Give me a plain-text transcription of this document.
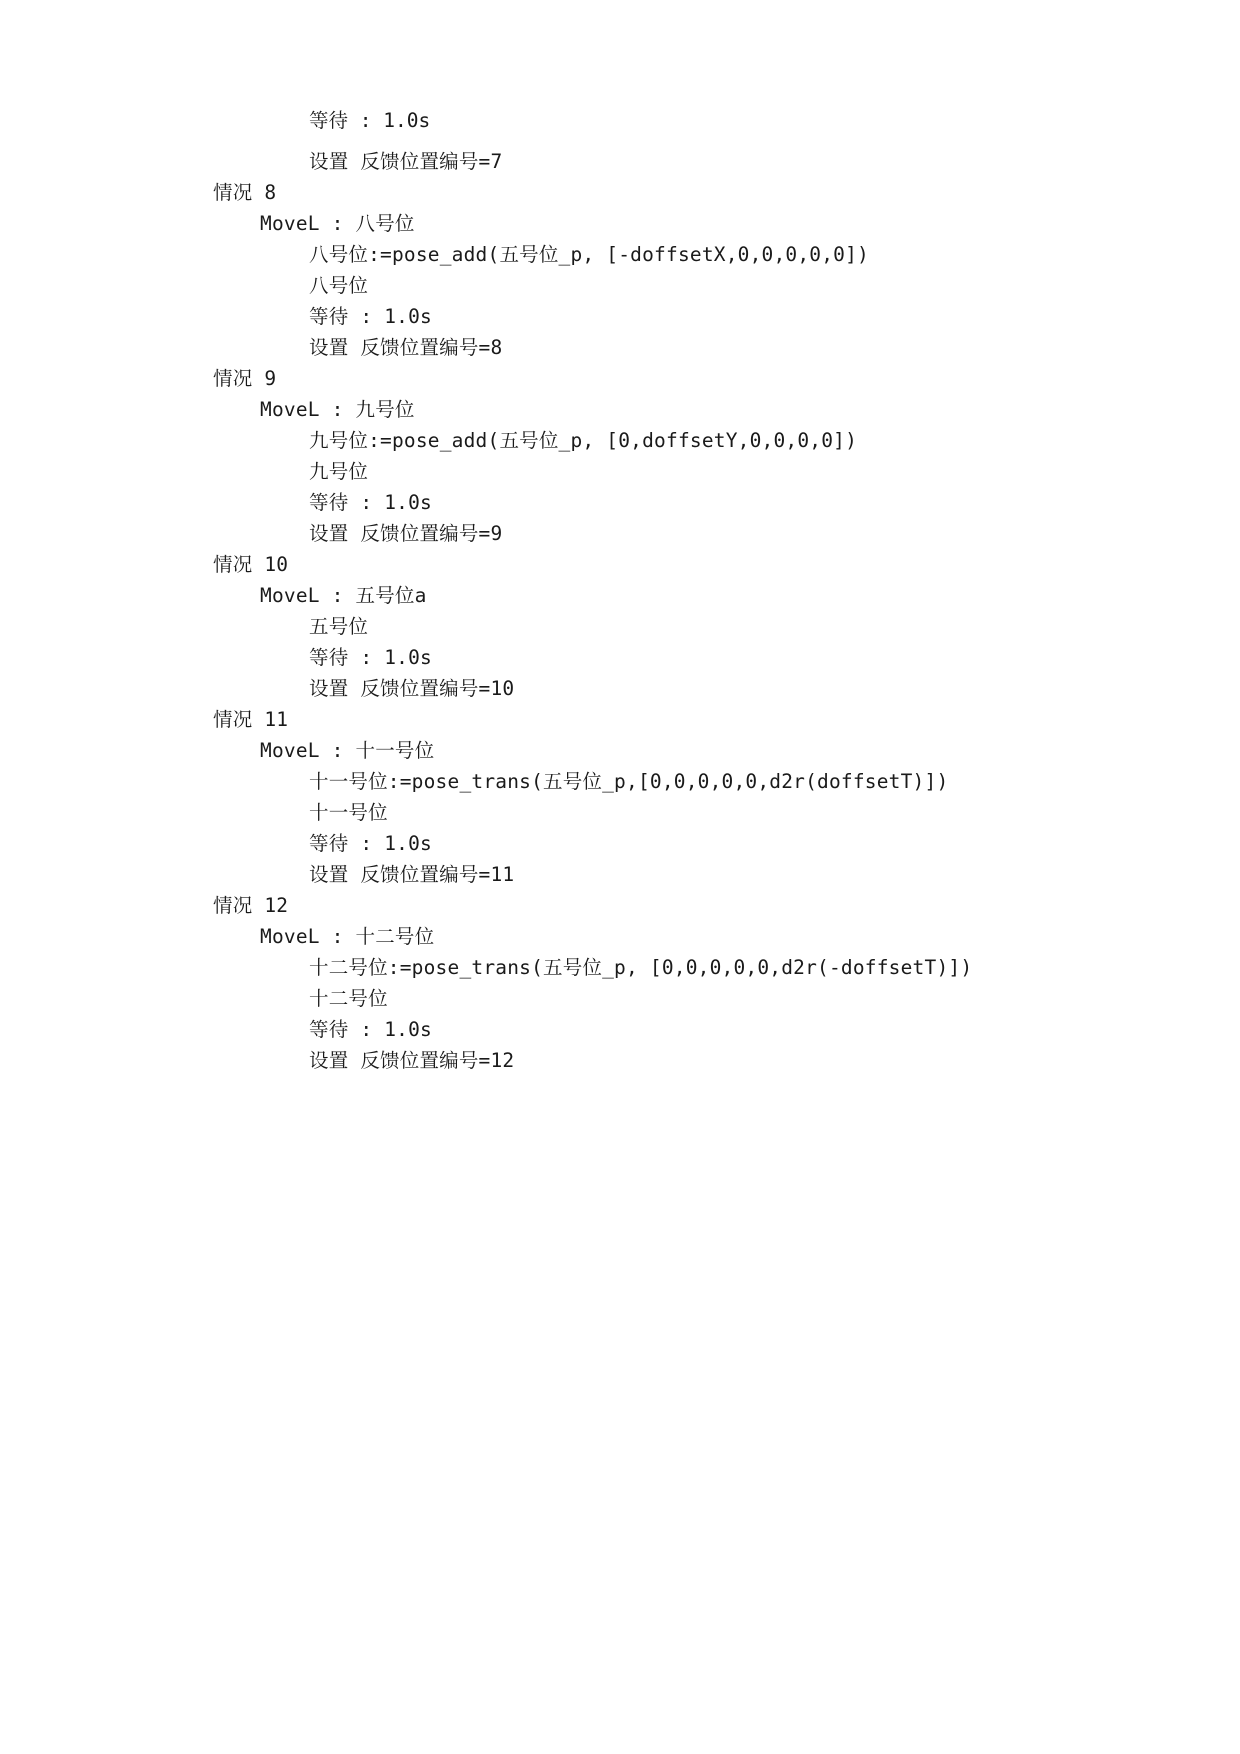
等待 : 1.0s
设置 反馈位置编号=7
情况 8
MoveL : 八号位
八号位:=pose_add(五号位_p, [-doffsetX,0,0,0,0,0])
八号位
等待 : 1.0s
设置 反馈位置编号=8
情况 9
MoveL : 九号位
九号位:=pose_add(五号位_p, [0,doffsetY,0,0,0,0])
九号位
等待 : 1.0s
设置 反馈位置编号=9
情况 10
MoveL : 五号位a
五号位
等待 : 1.0s
设置 反馈位置编号=10
情况 11
MoveL : 十一号位
十一号位:=pose_trans(五号位_p,[0,0,0,0,0,d2r(doffsetT)])
十一号位
等待 : 1.0s
设置 反馈位置编号=11
情况 12
MoveL : 十二号位
十二号位:=pose_trans(五号位_p, [0,0,0,0,0,d2r(-doffsetT)])
十二号位
等待 : 1.0s
设置 反馈位置编号=12
